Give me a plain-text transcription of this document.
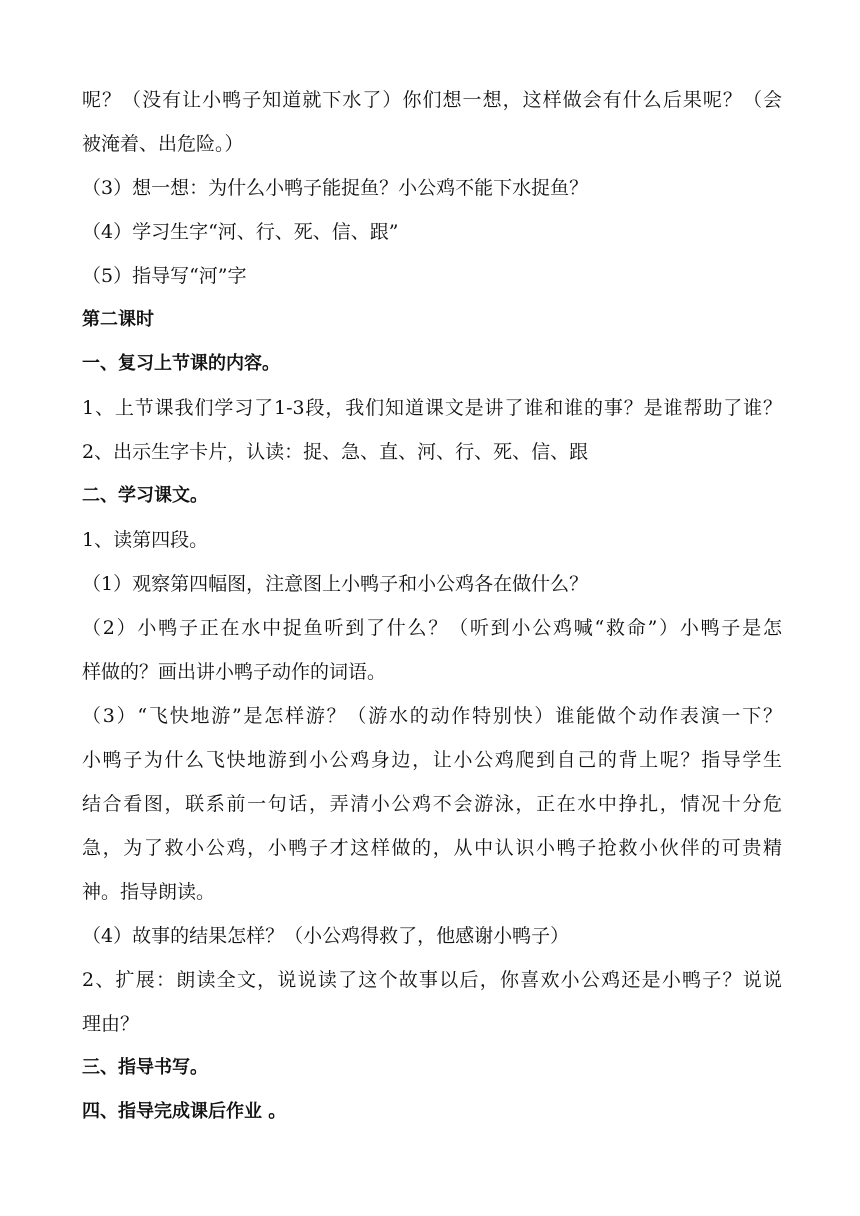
呢？（没有让小鸭子知道就下水了）你们想一想，这样做会有什么后果呢？（会
被淹着、出危险。）
（3）想一想：为什么小鸭子能捉鱼？小公鸡不能下水捉鱼？
（4）学习生字“河、行、死、信、跟”
（5）指导写“河”字
第二课时
一、复习上节课的内容。
1、上节课我们学习了1-3段，我们知道课文是讲了谁和谁的事？是谁帮助了谁？
2、出示生字卡片，认读：捉、急、直、河、行、死、信、跟
二、学习课文。
1、读第四段。
（1）观察第四幅图，注意图上小鸭子和小公鸡各在做什么？
（2）小鸭子正在水中捉鱼听到了什么？（听到小公鸡喊“救命”）小鸭子是怎
样做的？画出讲小鸭子动作的词语。
（3）“飞快地游”是怎样游？（游水的动作特别快）谁能做个动作表演一下？
小鸭子为什么飞快地游到小公鸡身边，让小公鸡爬到自己的背上呢？指导学生
结合看图，联系前一句话，弄清小公鸡不会游泳，正在水中挣扎，情况十分危
急，为了救小公鸡，小鸭子才这样做的，从中认识小鸭子抢救小伙伴的可贵精
神。指导朗读。
（4）故事的结果怎样？（小公鸡得救了，他感谢小鸭子）
2、扩展：朗读全文，说说读了这个故事以后，你喜欢小公鸡还是小鸭子？说说
理由？
三、指导书写。
四、指导完成课后作业 。
